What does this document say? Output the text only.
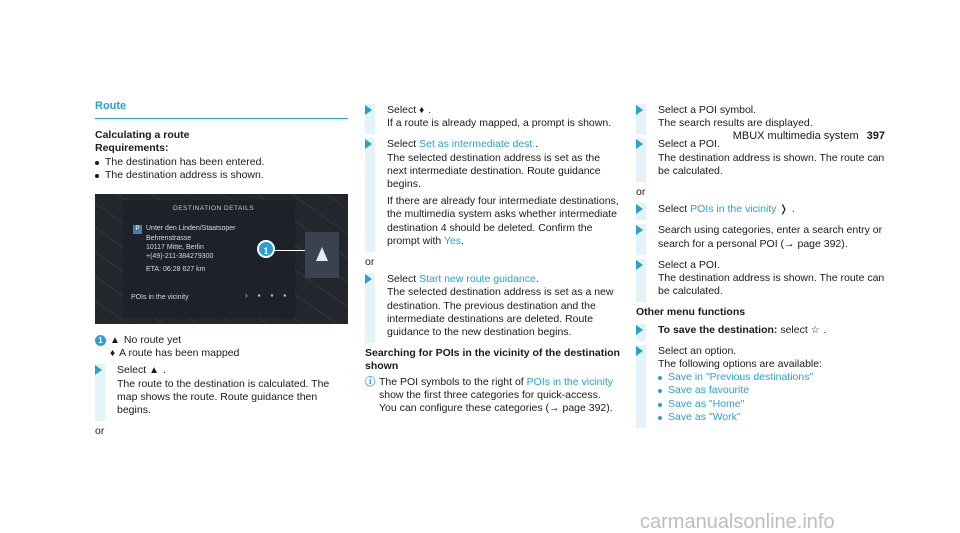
MBUX multimedia system 397
Route
Calculating a route
Requirements:
The destination has been entered.
The destination address is shown.
DESTINATION DETAILS
P Unter den Linden/Staatsoper
Behrenstrasse
10117 Mitte, Berlin
+(49)-211-384279300
ETA: 06:28 627 km
POIs in the vicinity	›▪▪▪
1
1 ▲ No route yet
♦ A route has been mapped
Select ▲ .
The route to the destination is calculated. The map shows the route. Route guidance then begins.
or
Select ♦ .
If a route is already mapped, a prompt is shown.
Select Set as intermediate dest..
The selected destination address is set as the next intermediate destination. Route guidance begins.
If there are already four intermediate destinations, the multimedia system asks whether intermediate destination 4 should be deleted. Confirm the prompt with Yes.
or
Select Start new route guidance.
The selected destination address is set as a new destination. The previous destination and the intermediate destinations are deleted. Route guidance to the new destination begins.
Searching for POIs in the vicinity of the destination shown
ⓘ The POI symbols to the right of POIs in the vicinity show the first three categories for quick-access. You can configure these categories (→ page 392).
Select a POI symbol.
The search results are displayed.
Select a POI.
The destination address is shown. The route can be calculated.
or
Select POIs in the vicinity ❭ .
Search using categories, enter a search entry or search for a personal POI (→ page 392).
Select a POI.
The destination address is shown. The route can be calculated.
Other menu functions
To save the destination: select ☆ .
Select an option.
The following options are available:
Save in "Previous destinations"
Save as favourite
Save as "Home"
Save as "Work"
carmanualsonline.info
